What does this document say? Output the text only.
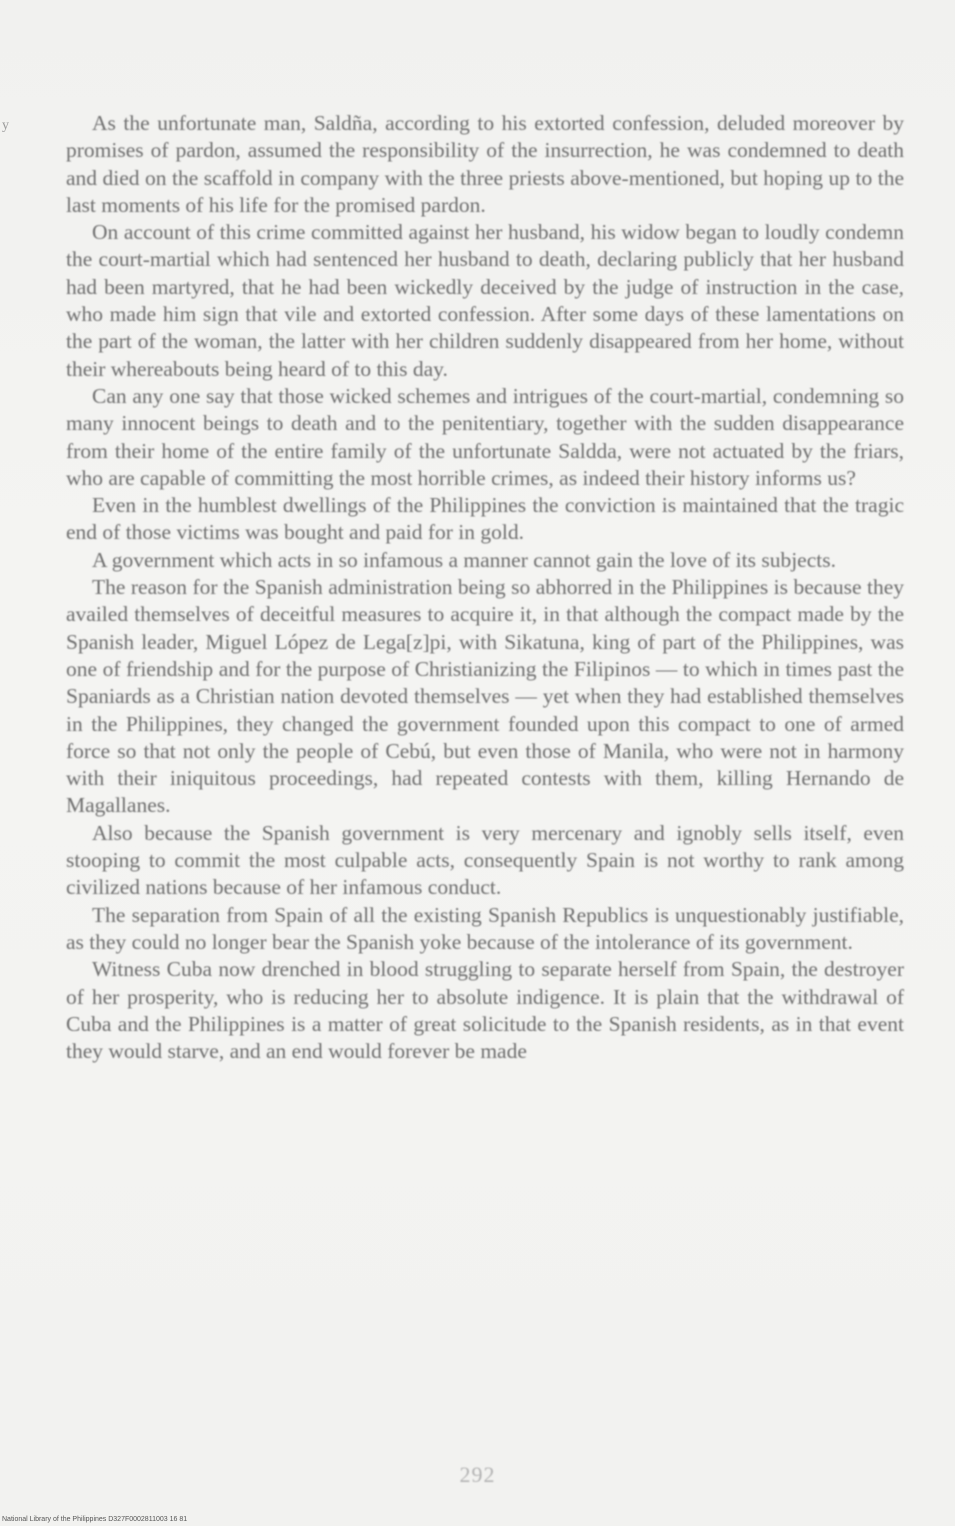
y	As the unfortunate man, Saldña, according to his extorted confession, deluded moreover by promises of pardon, assumed the responsibility of the insurrection, he was condemned to death and died on the scaffold in company with the three priests above-mentioned, but hoping up to the last moments of his life for the promised pardon.

On account of this crime committed against her husband, his widow began to loudly condemn the court-martial which had sentenced her husband to death, declaring publicly that her husband had been martyred, that he had been wickedly deceived by the judge of instruction in the case, who made him sign that vile and extorted confession. After some days of these lamentations on the part of the woman, the latter with her children suddenly disappeared from her home, without their whereabouts being heard of to this day.

Can any one say that those wicked schemes and intrigues of the court-martial, condemning so many innocent beings to death and to the penitentiary, together with the sudden disappearance from their home of the entire family of the unfortunate Saldda, were not actuated by the friars, who are capable of committing the most horrible crimes, as indeed their history informs us?

Even in the humblest dwellings of the Philippines the conviction is maintained that the tragic end of those victims was bought and paid for in gold.

A government which acts in so infamous a manner cannot gain the love of its subjects.

The reason for the Spanish administration being so abhorred in the Philippines is because they availed themselves of deceitful measures to acquire it, in that although the compact made by the Spanish leader, Miguel López de Lega[z]pi, with Sikatuna, king of part of the Philippines, was one of friendship and for the purpose of Christianizing the Filipinos — to which in times past the Spaniards as a Christian nation devoted themselves — yet when they had established themselves in the Philippines, they changed the government founded upon this compact to one of armed force so that not only the people of Cebú, but even those of Manila, who were not in harmony with their iniquitous proceedings, had repeated contests with them, killing Hernando de Magallanes.

Also because the Spanish government is very mercenary and ignobly sells itself, even stooping to commit the most culpable acts, consequently Spain is not worthy to rank among civilized nations because of her infamous conduct.

The separation from Spain of all the existing Spanish Republics is unquestionably justifiable, as they could no longer bear the Spanish yoke because of the intolerance of its government.

Witness Cuba now drenched in blood struggling to separate herself from Spain, the destroyer of her prosperity, who is reducing her to absolute indigence. It is plain that the withdrawal of Cuba and the Philippines is a matter of great solicitude to the Spanish residents, as in that event they would starve, and an end would forever be made

292
National Library of the Philippines D327F0002811003 16 81
